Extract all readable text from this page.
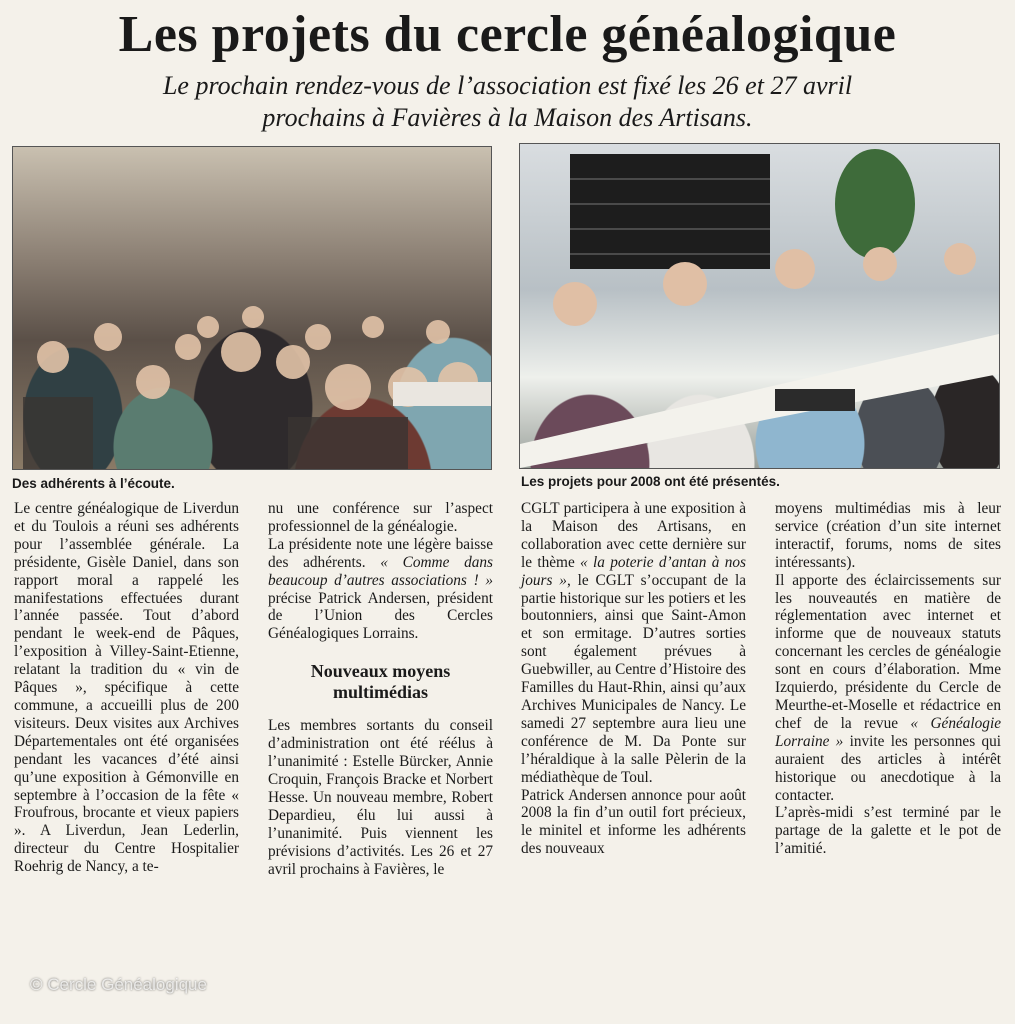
Les projets du cercle généalogique
Le prochain rendez-vous de l’association est fixé les 26 et 27 avril
prochains à Favières à la Maison des Artisans.
Des adhérents à l’écoute.	Les projets pour 2008 ont été présentés.

Le centre généalogique de Liverdun et du Toulois a réuni ses adhérents pour l’assemblée générale. La présidente, Gisèle Daniel, dans son rapport moral a rappelé les manifestations effectuées durant l’année passée. Tout d’abord pendant le week-end de Pâques, l’exposition à Villey-Saint-Etienne, relatant la tradition du « vin de Pâques », spécifique à cette commune, a accueilli plus de 200 visiteurs. Deux visites aux Archives Départementales ont été organisées pendant les vacances d’été ainsi qu’une exposition à Gémonville en septembre à l’occasion de la fête « Froufrous, brocante et vieux papiers ». A Liverdun, Jean Lederlin, directeur du Centre Hospitalier Roehrig de Nancy, a te-

nu une conférence sur l’aspect professionnel de la généalogie.

La présidente note une légère baisse des adhérents. « Comme dans beaucoup d’autres associations ! » précise Patrick Andersen, président de l’Union des Cercles Généalogiques Lorrains.

Nouveaux moyens multimédias

Les membres sortants du conseil d’administration ont été réélus à l’unanimité : Estelle Bürcker, Annie Croquin, François Bracke et Norbert Hesse. Un nouveau membre, Robert Depardieu, élu lui aussi à l’unanimité. Puis viennent les prévisions d’activités. Les 26 et 27 avril prochains à Favières, le

CGLT participera à une exposition à la Maison des Artisans, en collaboration avec cette dernière sur le thème « la poterie d’antan à nos jours », le CGLT s’occupant de la partie historique sur les potiers et les boutonniers, ainsi que Saint-Amon et son ermitage. D’autres sorties sont également prévues à Guebwiller, au Centre d’Histoire des Familles du Haut-Rhin, ainsi qu’aux Archives Municipales de Nancy. Le samedi 27 septembre aura lieu une conférence de M. Da Ponte sur l’héraldique à la salle Pèlerin de la médiathèque de Toul.

Patrick Andersen annonce pour août 2008 la fin d’un outil fort précieux, le minitel et informe les adhérents des nouveaux

moyens multimédias mis à leur service (création d’un site internet interactif, forums, noms de sites intéressants).

Il apporte des éclaircissements sur les nouveautés en matière de réglementation avec internet et informe que de nouveaux statuts concernant les cercles de généalogie sont en cours d’élaboration. Mme Izquierdo, présidente du Cercle de Meurthe-et-Moselle et rédactrice en chef de la revue « Généalogie Lorraine » invite les personnes qui auraient des articles à intérêt historique ou anecdotique à la contacter.

L’après-midi s’est terminé par le partage de la galette et le pot de l’amitié.

© Cercle Généalogique
